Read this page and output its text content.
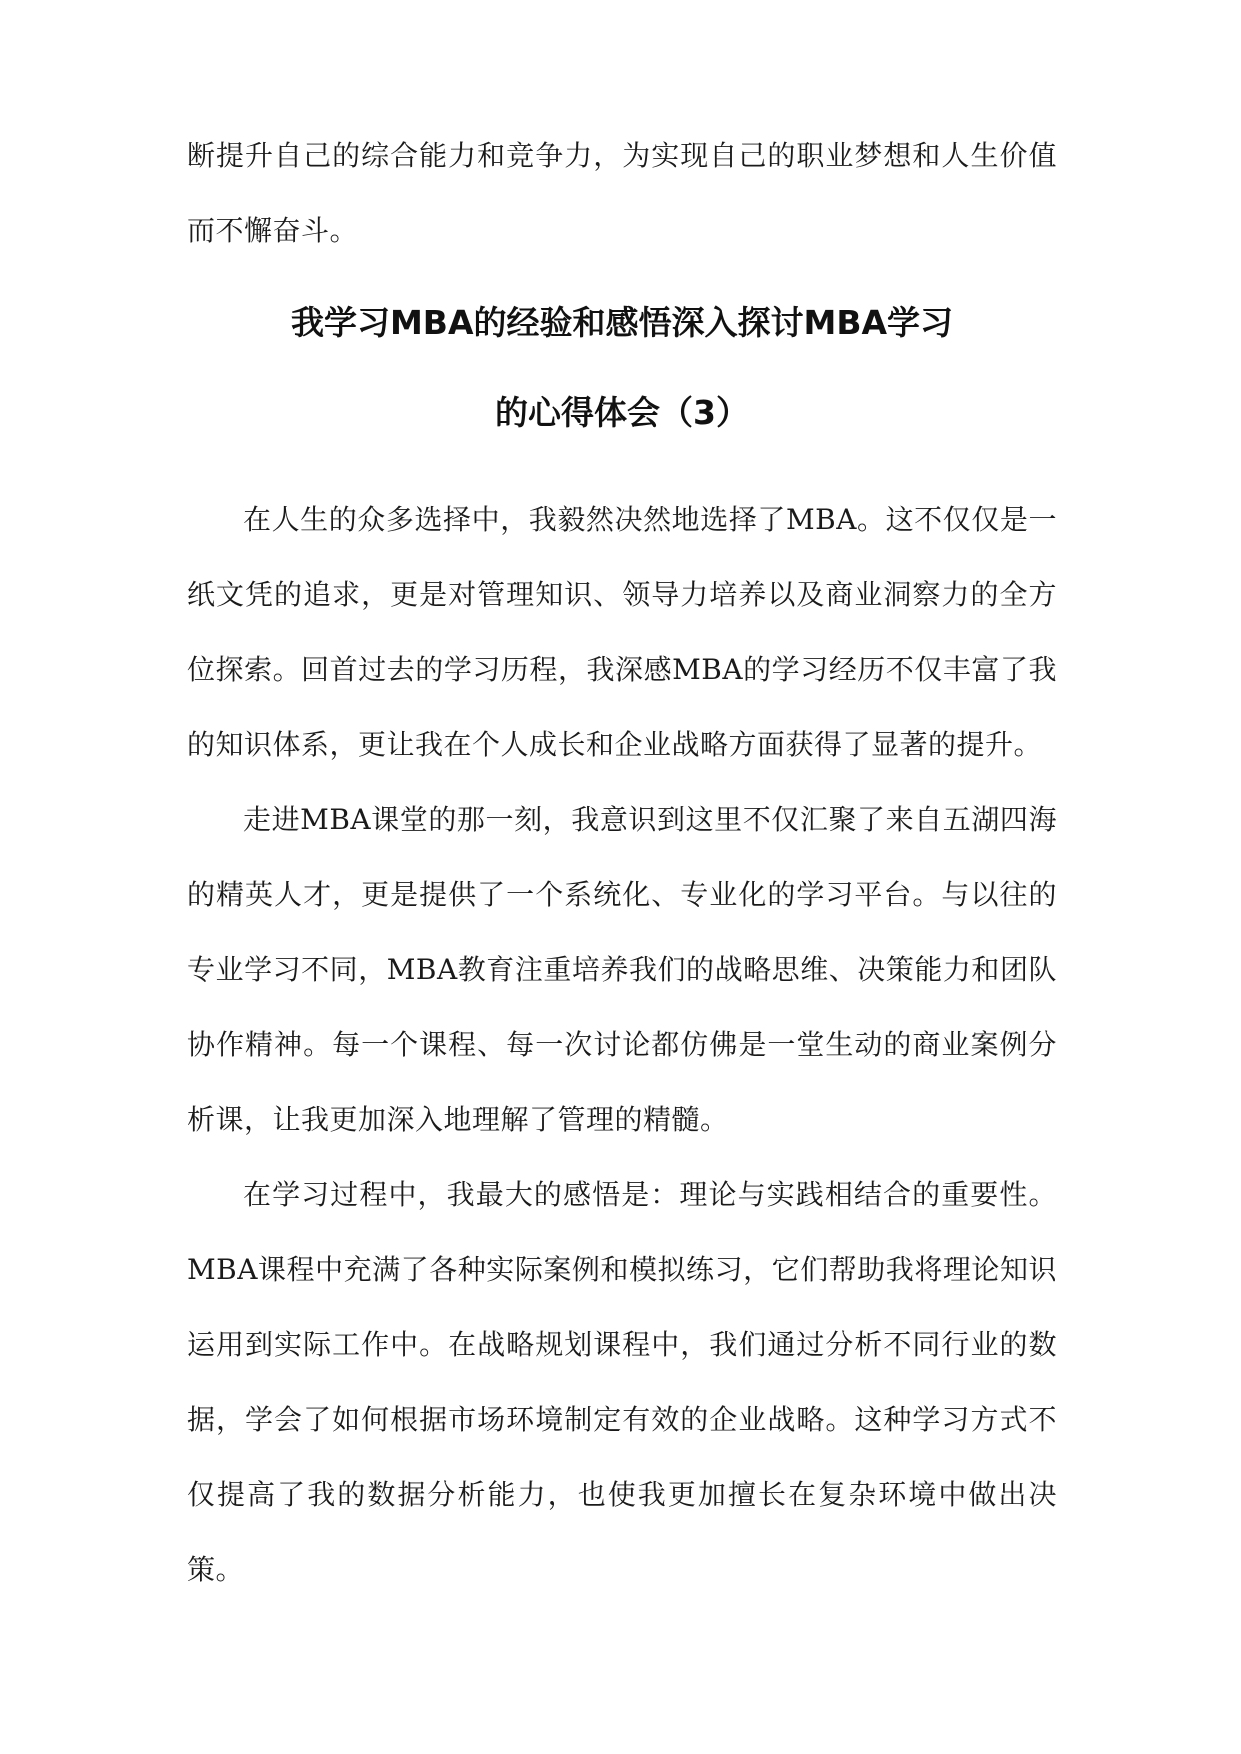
断提升自己的综合能力和竞争力，为实现自己的职业梦想和人生价值而不懈奋斗。

我学习MBA的经验和感悟深入探讨MBA学习
的心得体会（3）

在人生的众多选择中，我毅然决然地选择了MBA。这不仅仅是一纸文凭的追求，更是对管理知识、领导力培养以及商业洞察力的全方位探索。回首过去的学习历程，我深感MBA的学习经历不仅丰富了我的知识体系，更让我在个人成长和企业战略方面获得了显著的提升。

走进MBA课堂的那一刻，我意识到这里不仅汇聚了来自五湖四海的精英人才，更是提供了一个系统化、专业化的学习平台。与以往的专业学习不同，MBA教育注重培养我们的战略思维、决策能力和团队协作精神。每一个课程、每一次讨论都仿佛是一堂生动的商业案例分析课，让我更加深入地理解了管理的精髓。

在学习过程中，我最大的感悟是：理论与实践相结合的重要性。MBA课程中充满了各种实际案例和模拟练习，它们帮助我将理论知识运用到实际工作中。在战略规划课程中，我们通过分析不同行业的数据，学会了如何根据市场环境制定有效的企业战略。这种学习方式不仅提高了我的数据分析能力，也使我更加擅长在复杂环境中做出决策。
